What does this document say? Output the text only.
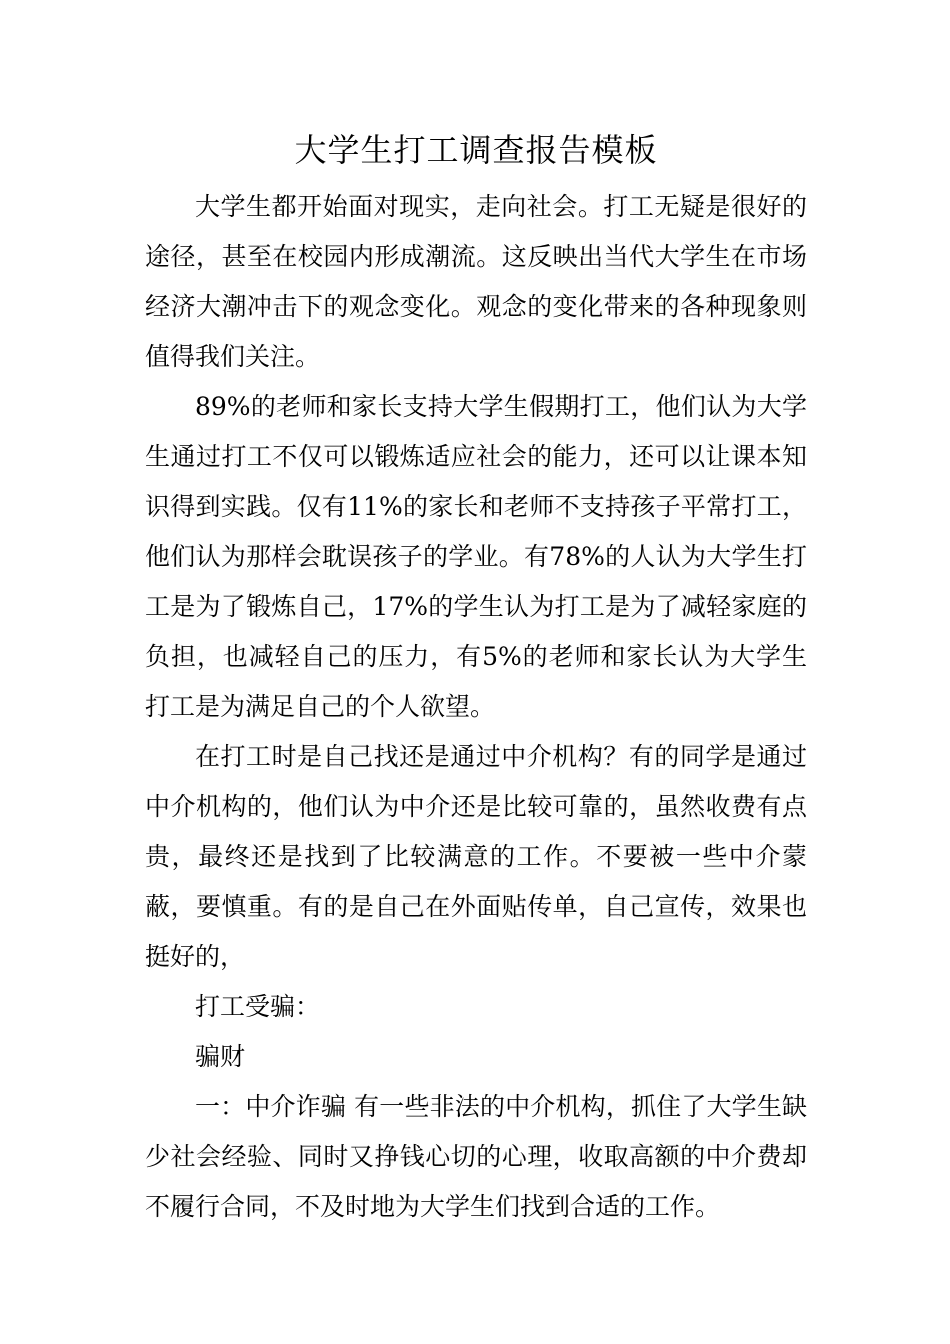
大学生打工调查报告模板

大学生都开始面对现实，走向社会。打工无疑是很好的途径，甚至在校园内形成潮流。这反映出当代大学生在市场经济大潮冲击下的观念变化。观念的变化带来的各种现象则值得我们关注。

89%的老师和家长支持大学生假期打工，他们认为大学生通过打工不仅可以锻炼适应社会的能力，还可以让课本知识得到实践。仅有11%的家长和老师不支持孩子平常打工，他们认为那样会耽误孩子的学业。有78%的人认为大学生打工是为了锻炼自己，17%的学生认为打工是为了减轻家庭的负担，也减轻自己的压力，有5%的老师和家长认为大学生打工是为满足自己的个人欲望。

在打工时是自己找还是通过中介机构？有的同学是通过中介机构的，他们认为中介还是比较可靠的，虽然收费有点贵，最终还是找到了比较满意的工作。不要被一些中介蒙蔽，要慎重。有的是自己在外面贴传单，自己宣传，效果也挺好的，

打工受骗：

骗财

一：中介诈骗 有一些非法的中介机构，抓住了大学生缺少社会经验、同时又挣钱心切的心理，收取高额的中介费却不履行合同，不及时地为大学生们找到合适的工作。
